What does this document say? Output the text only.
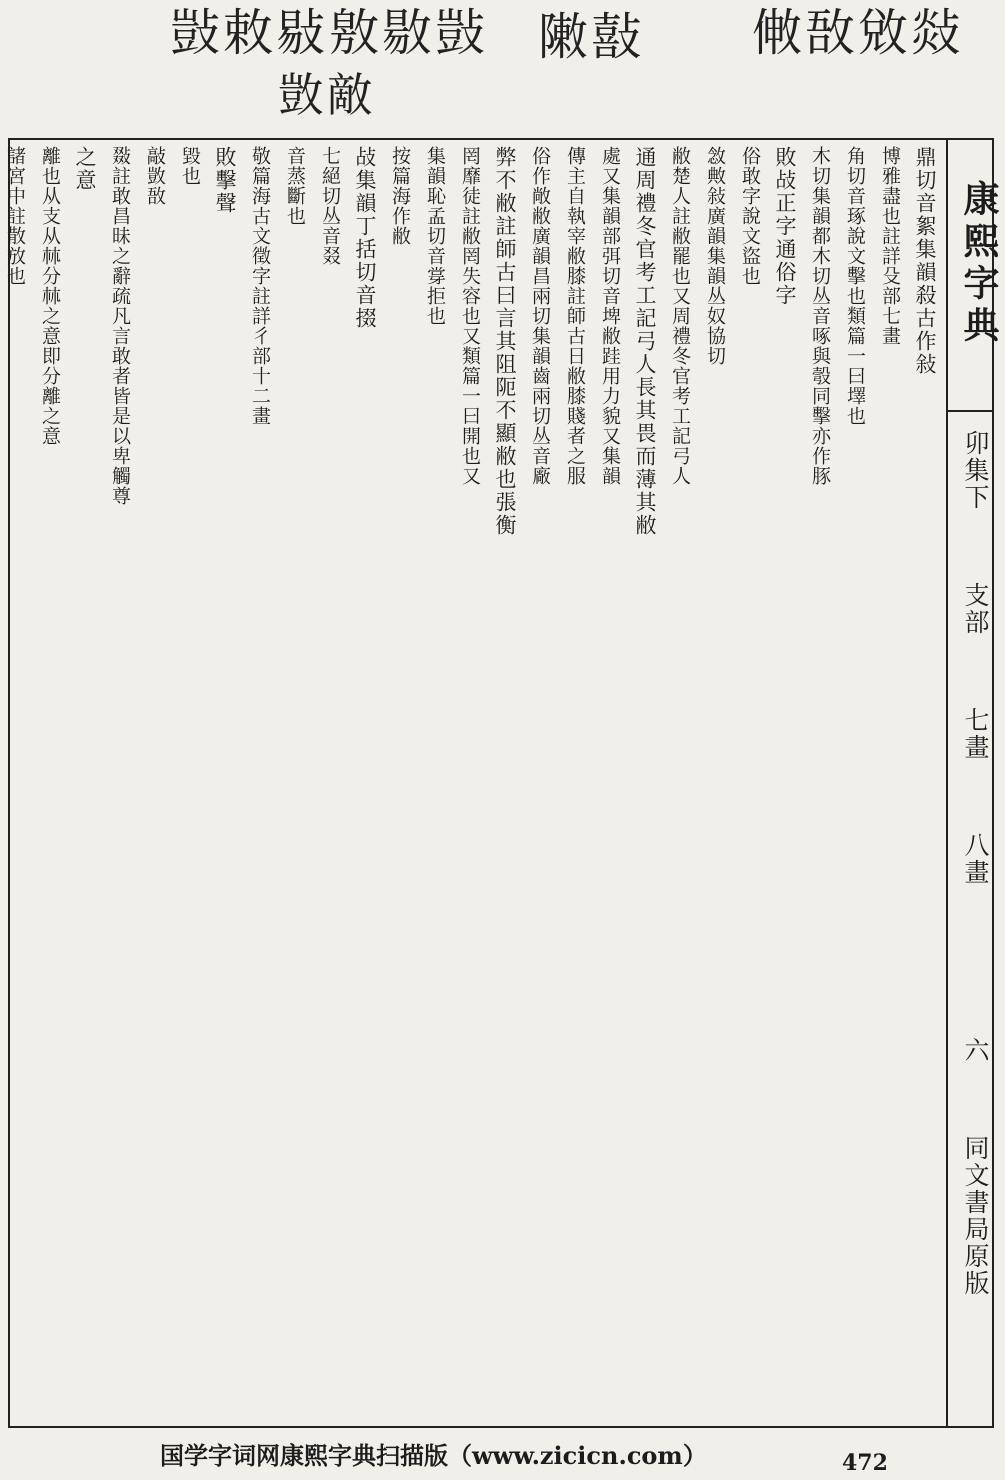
敱敕敡敫敭敱
敳敵
敶敼 敒敔敓敥
鼎切音絮集韻殺古作敍
博雅盡也註詳殳部七畫
角切音琢說文擊也類篇一曰墿也
木切集韻都木切丛音啄與彀同擊亦作豚
敗敁正字通俗字
俗敢字說文盜也
敜敟敍廣韻集韻丛奴協切
敝楚人註敝罷也又周禮冬官考工記弓人
通周禮冬官考工記弓人長其畏而薄其敝
處又集韻部弭切音埤敝跬用力貌又集韻
傳主自執宰敝膝註師古日敝膝賤者之服
俗作敞敝廣韻昌兩切集韻齒兩切丛音廠
弊不敝註師古曰言其阻阨不顯敝也張衡
罔靡徒註敝罔失容也又類篇一曰開也又
集韻恥孟切音牚拒也
按篇海作敝
敁集韻丁括切音掇
七絕切丛音叕
音蒸斷也
敬篇海古文徵字註詳彳部十二畫
敗擊聲
毀也
敲敳敔
敠註敢昌昧之辭疏凡言敢者皆是以卑觸尊
之意
離也从支从𣏟分𣏟之意即分離之意
諸宮中註散放也	康熙字典
卯集下 支部 七畫 八畫 六 同文書局原版
国学字词网康熙字典扫描版（www.zicicn.com）	472
